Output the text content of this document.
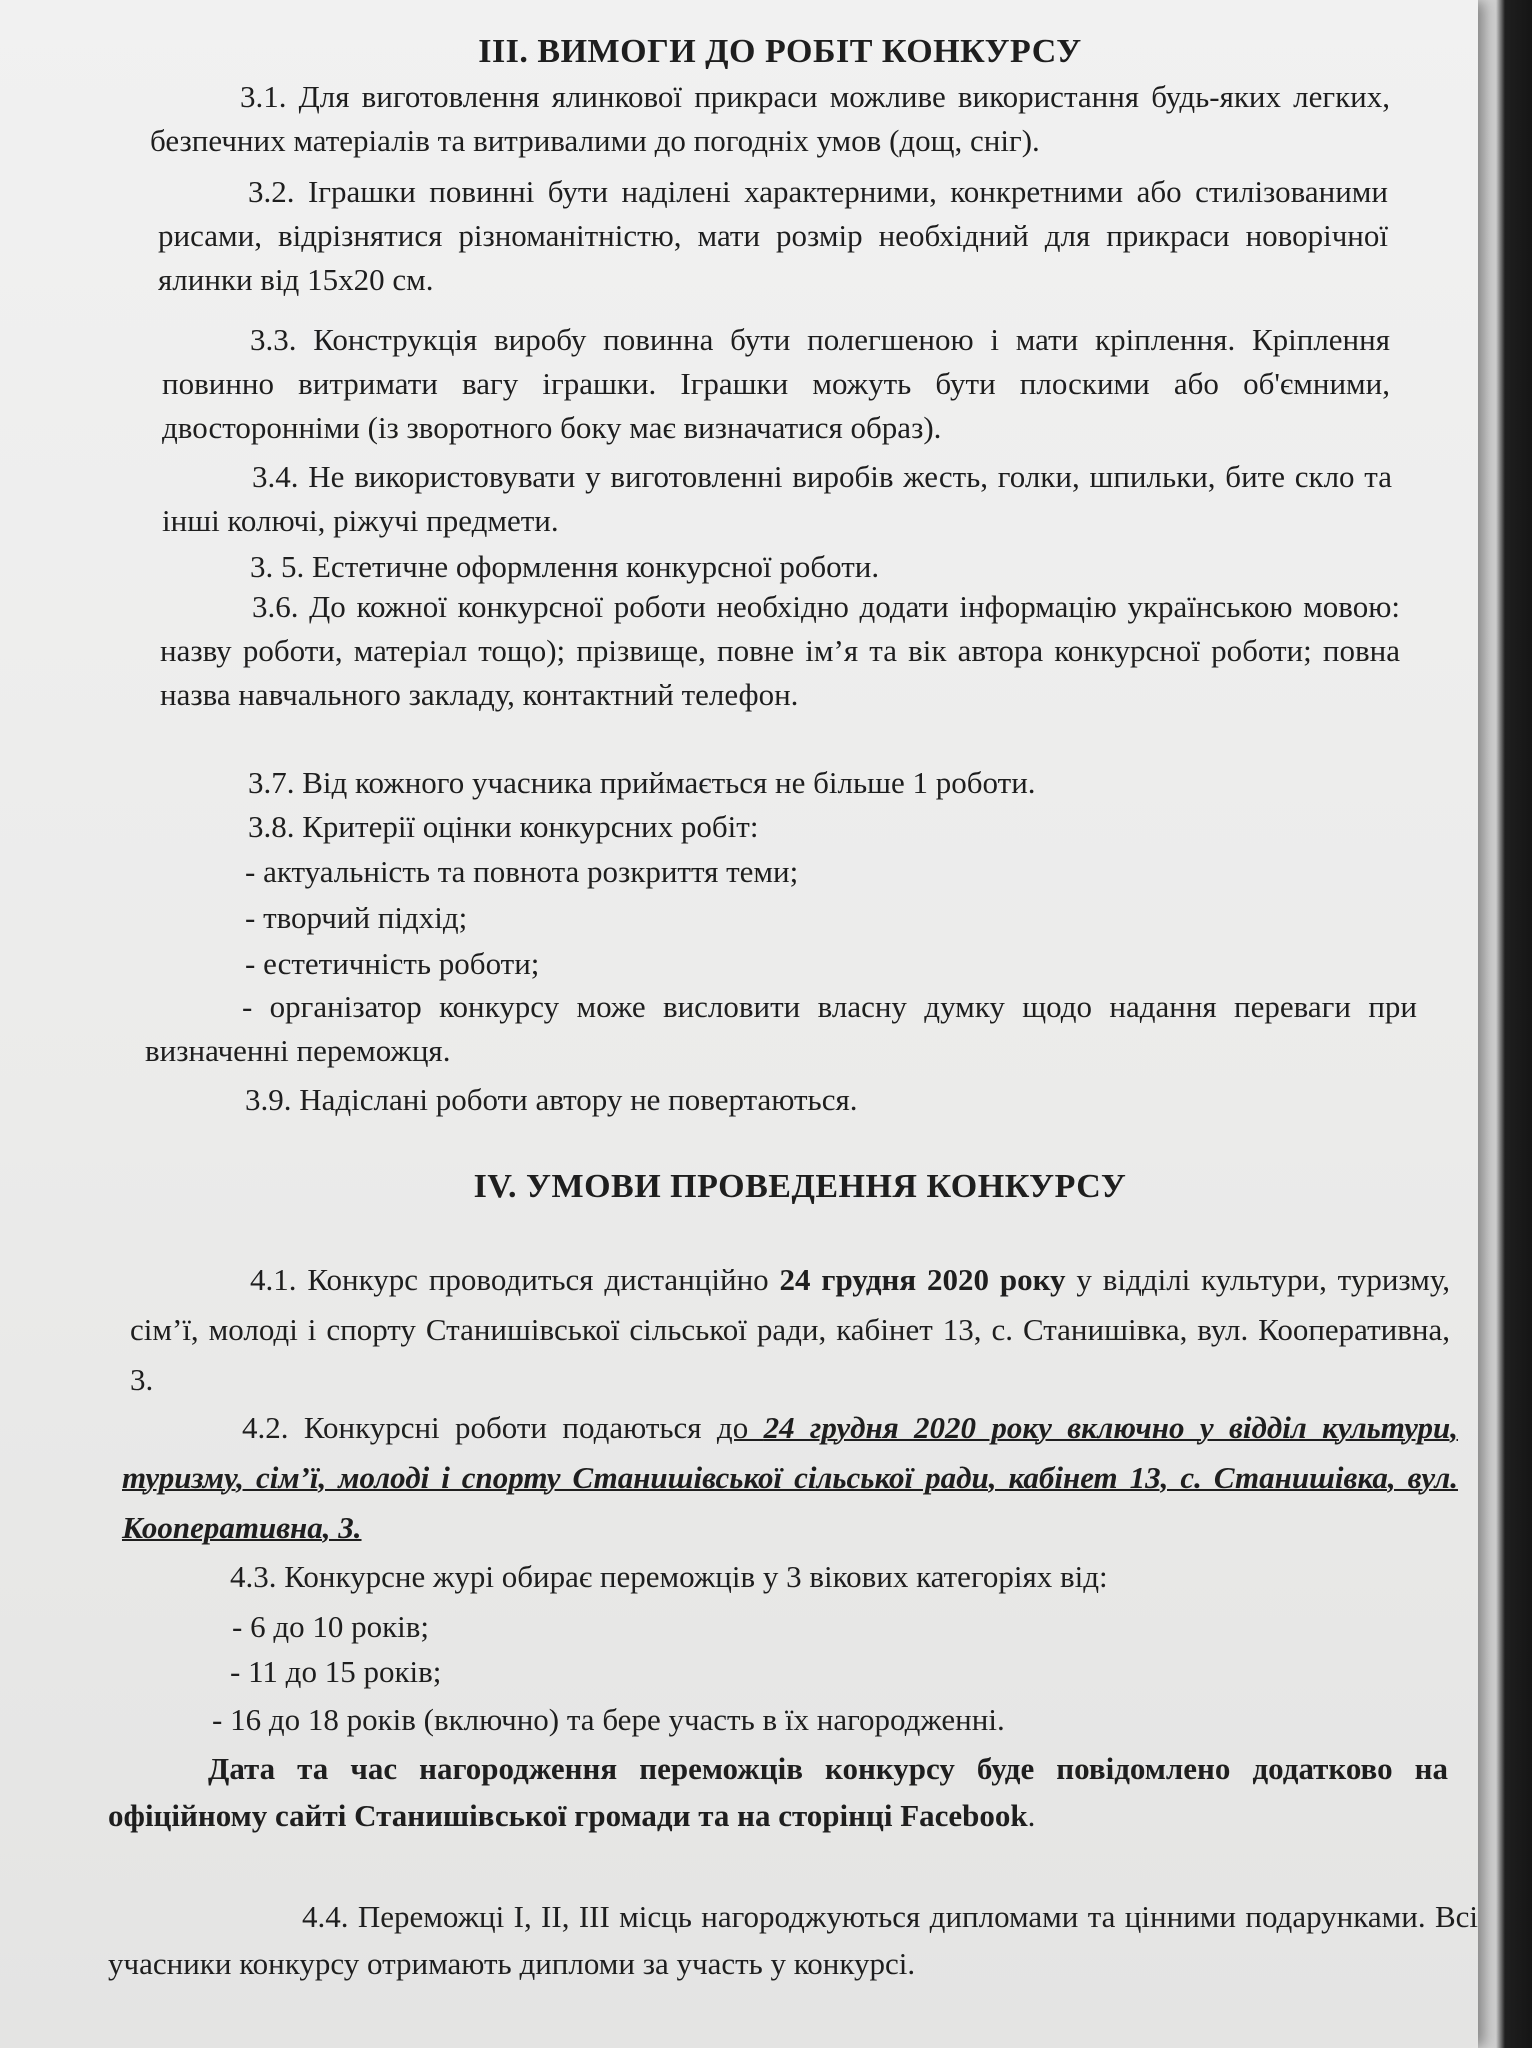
ІІІ. ВИМОГИ ДО РОБІТ КОНКУРСУ

3.1. Для виготовлення ялинкової прикраси можливе використання будь-яких легких, безпечних матеріалів та витривалими до погодніх умов (дощ, сніг).

3.2. Іграшки повинні бути наділені характерними, конкретними або стилізованими рисами, відрізнятися різноманітністю, мати розмір необхідний для прикраси новорічної ялинки від 15х20 см.

3.3. Конструкція виробу повинна бути полегшеною і мати кріплення. Кріплення повинно витримати вагу іграшки. Іграшки можуть бути плоскими або об'ємними, двосторонніми (із зворотного боку має визначатися образ).

3.4. Не використовувати у виготовленні виробів жесть, голки, шпильки, бите скло та інші колючі, ріжучі предмети.

3. 5. Естетичне оформлення конкурсної роботи.

3.6. До кожної конкурсної роботи необхідно додати інформацію українською мовою: назву роботи, матеріал тощо); прізвище, повне ім’я та вік автора конкурсної роботи; повна назва навчального закладу, контактний телефон.

3.7. Від кожного учасника приймається не більше 1 роботи.

3.8. Критерії оцінки конкурсних робіт:

- актуальність та повнота розкриття теми;

- творчий підхід;

- естетичність роботи;

- організатор конкурсу може висловити власну думку щодо надання переваги при визначенні переможця.

3.9. Надіслані роботи автору не повертаються.

IV. УМОВИ ПРОВЕДЕННЯ КОНКУРСУ

4.1. Конкурс проводиться дистанційно 24 грудня 2020 року у відділі культури, туризму, сім’ї, молоді і спорту Станишівської сільської ради, кабінет 13, с. Станишівка, вул. Кооперативна, 3.

4.2. Конкурсні роботи подаються до 24 грудня 2020 року включно у відділ культури, туризму, сім’ї, молоді і спорту Станишівської сільської ради, кабінет 13, с. Станишівка, вул. Кооперативна, 3.

4.3. Конкурсне журі обирає переможців у 3 вікових категоріях від:

- 6 до 10 років;

- 11 до 15 років;

- 16 до 18 років (включно) та бере участь в їх нагородженні.

Дата та час нагородження переможців конкурсу буде повідомлено додатково на офіційному сайті Станишівської громади та на сторінці Facebook.

4.4. Переможці І, ІІ, ІІІ місць нагороджуються дипломами та цінними подарунками. Всі учасники конкурсу отримають дипломи за участь у конкурсі.
